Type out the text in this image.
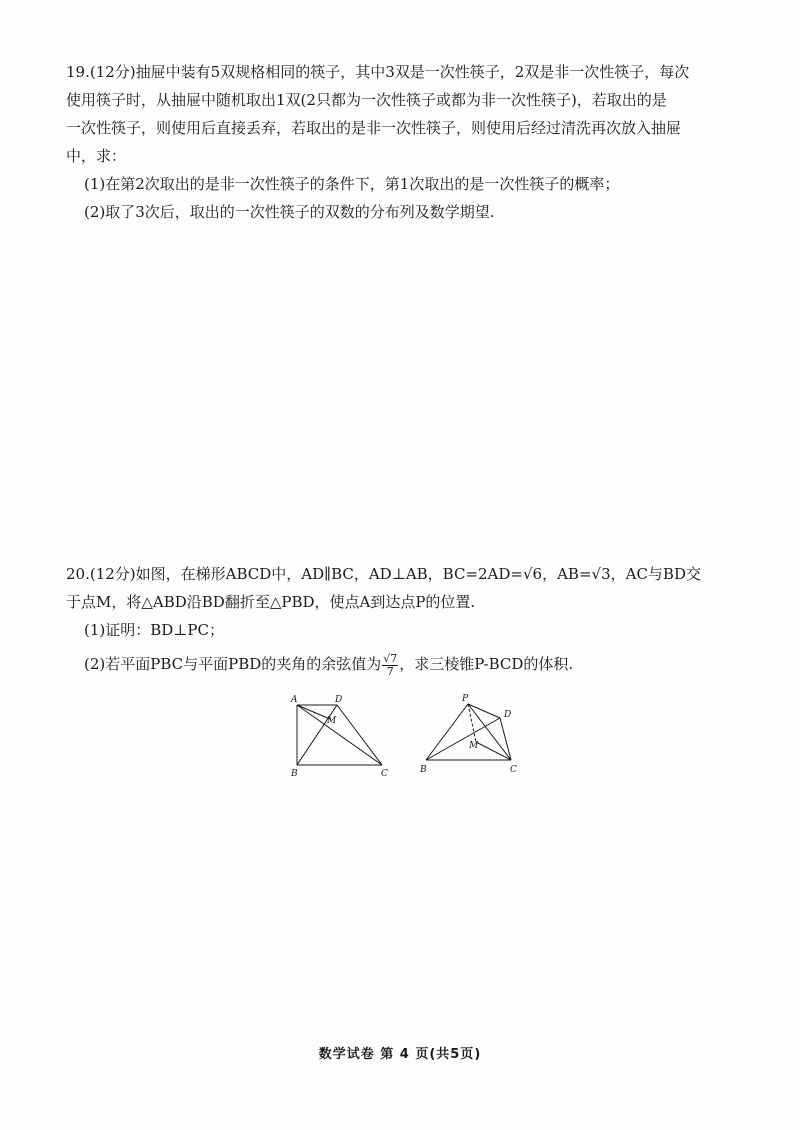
19.(12分)抽屉中装有5双规格相同的筷子，其中3双是一次性筷子，2双是非一次性筷子，每次
使用筷子时，从抽屉中随机取出1双(2只都为一次性筷子或都为非一次性筷子)，若取出的是
一次性筷子，则使用后直接丢弃，若取出的是非一次性筷子，则使用后经过清洗再次放入抽屉
中，求：
(1)在第2次取出的是非一次性筷子的条件下，第1次取出的是一次性筷子的概率；
(2)取了3次后，取出的一次性筷子的双数的分布列及数学期望.
20.(12分)如图，在梯形ABCD中，AD∥BC，AD⊥AB，BC=2AD=√6，AB=√3，AC与BD交
于点M，将△ABD沿BD翻折至△PBD，使点A到达点P的位置.
(1)证明：BD⊥PC；
(2)若平面PBC与平面PBD的夹角的余弦值为 $\frac{√7}{7}$ ，求三棱锥P-BCD的体积.
A	D
M
B	C
P
D
M
B	C
数学试卷 第 4 页(共5页)
